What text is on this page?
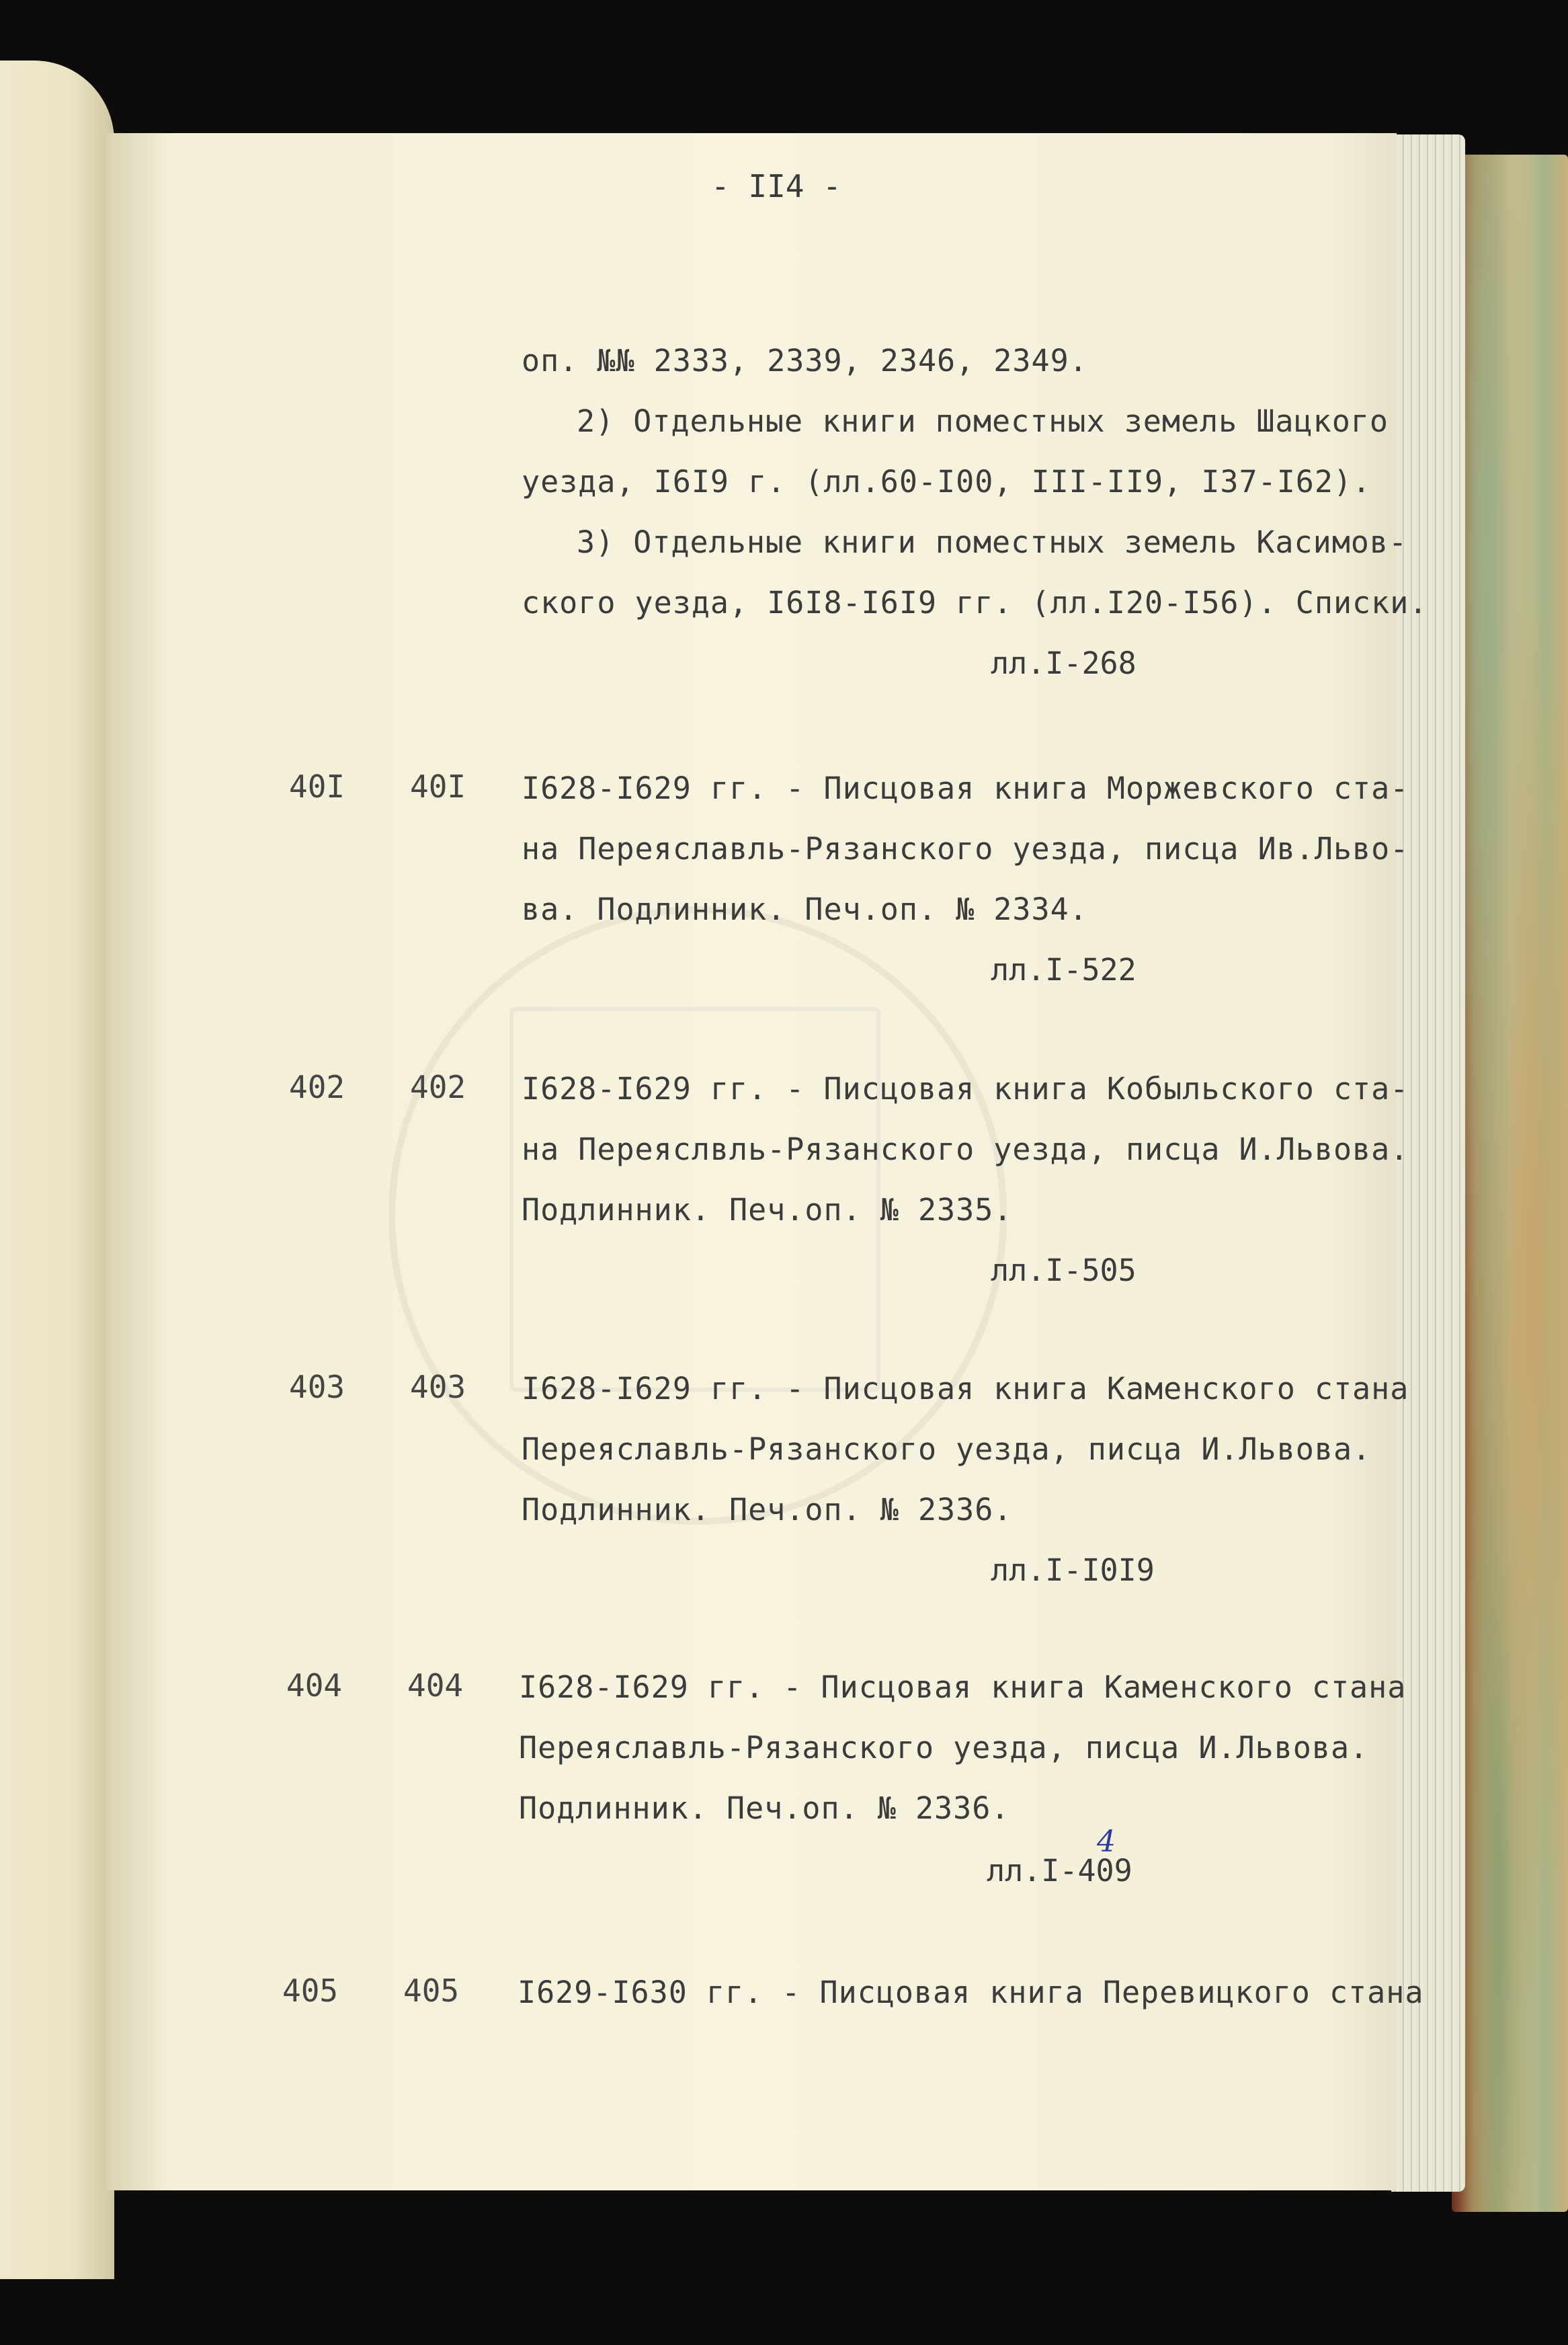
- II4 -
оп. №№ 2333, 2339, 2346, 2349.
2) Отдельные книги поместных земель Шацкого
уезда, I6I9 г. (лл.60-I00, III-II9, I37-I62).
3) Отдельные книги поместных земель Касимов-
ского уезда, I6I8-I6I9 гг. (лл.I20-I56). Списки.
лл.I-268
40I 40I I628-I629 гг. - Писцовая книга Моржевского ста-
на Переяславль-Рязанского уезда, писца Ив.Льво-
ва. Подлинник. Печ.оп. № 2334.
лл.I-522
402 402 I628-I629 гг. - Писцовая книга Кобыльского ста-
на Переяслвль-Рязанского уезда, писца И.Львова.
Подлинник. Печ.оп. № 2335.
лл.I-505
403 403 I628-I629 гг. - Писцовая книга Каменского стана
Переяславль-Рязанского уезда, писца И.Львова.
Подлинник. Печ.оп. № 2336.
лл.I-I0I9
404 404 I628-I629 гг. - Писцовая книга Каменского стана
Переяславль-Рязанского уезда, писца И.Львова.
Подлинник. Печ.оп. № 2336.
лл.I-409
4
405 405 I629-I630 гг. - Писцовая книга Перевицкого стана
